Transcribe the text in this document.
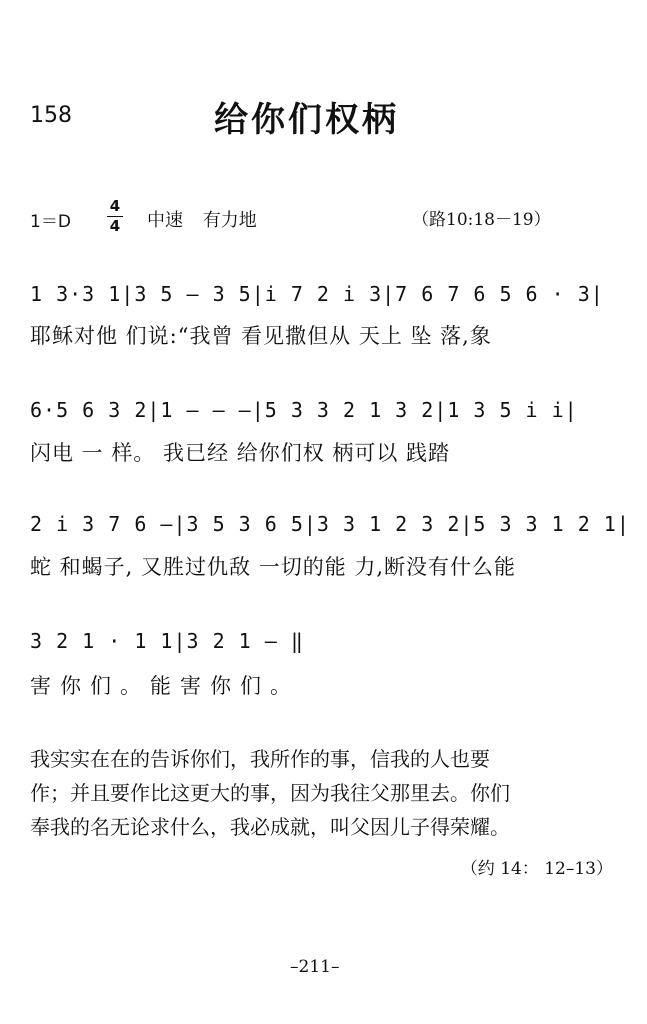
158	给你们权柄
1＝D
4
4 中速 有力地	（路10:18－19）
1 3·3 1|3 5 – 3 5|i 7 2 i 3|7 6 7 6 5 6 · 3|
耶稣对他 们说:“我曾 看见撒但从 天上 坠 落,象
6·5 6 3 2|1 – – –|5 3 3 2 1 3 2|1 3 5 i i|
闪电 一 样。 我已经 给你们权 柄可以 践踏
2 i 3 7 6 –|3 5 3 6 5|3 3 1 2 3 2|5 3 3 1 2 1|
蛇 和蝎子, 又胜过仇敌 一切的能 力,断没有什么能
3 2 1 · 1 1|3 2 1 – ‖
害你们。能害你们。
我实实在在的告诉你们，我所作的事，信我的人也要
作；并且要作比这更大的事，因为我往父那里去。你们
奉我的名无论求什么，我必成就，叫父因儿子得荣耀。
（约 14： 12–13）
–211–
